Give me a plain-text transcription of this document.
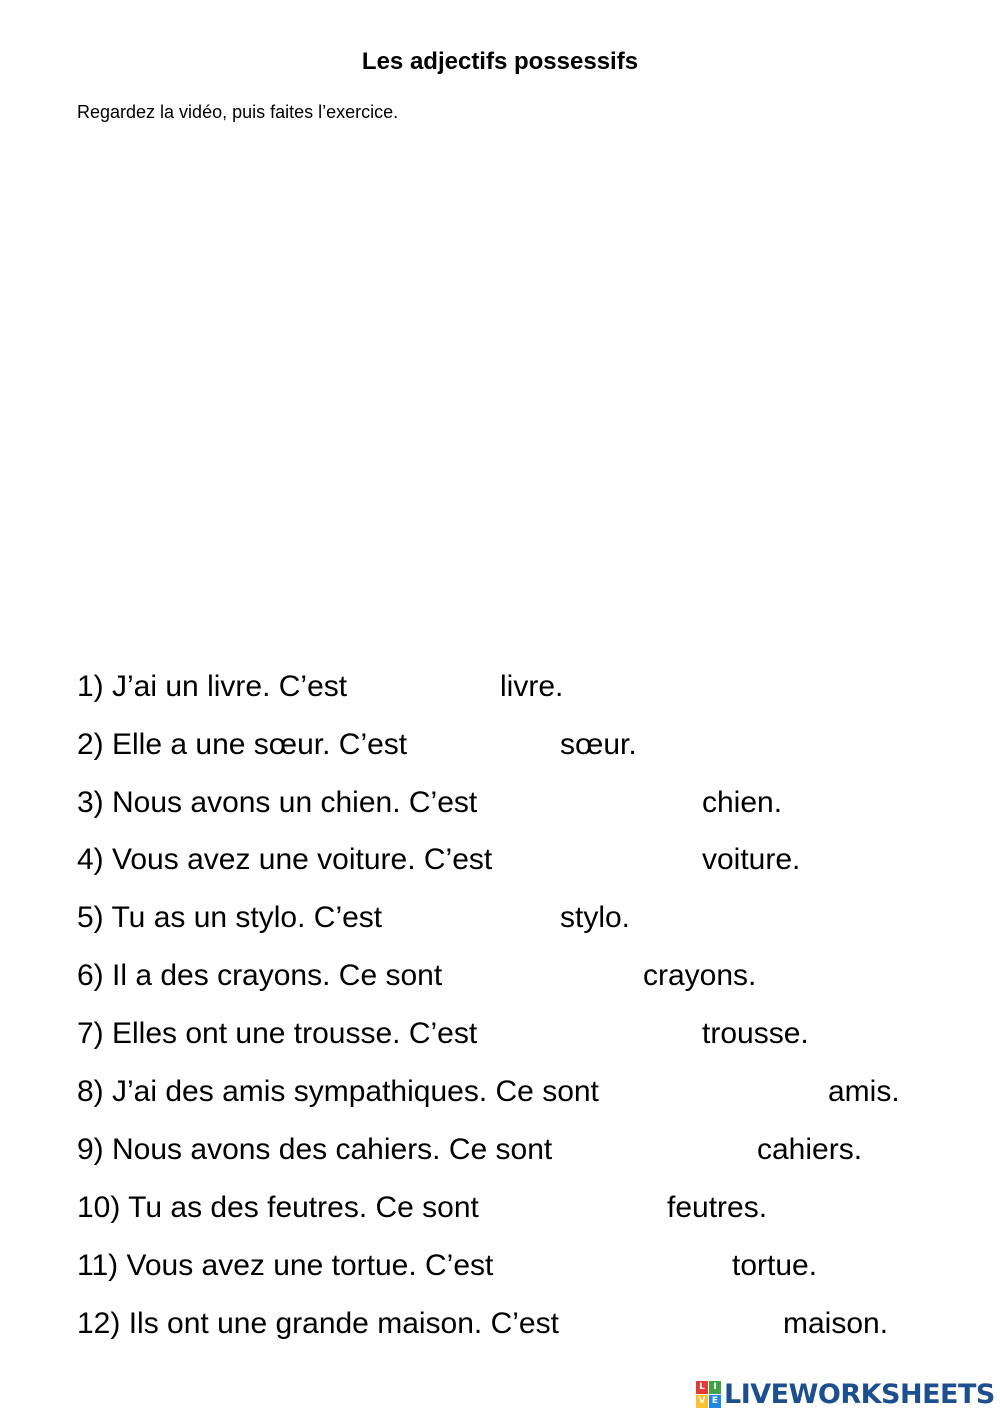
Les adjectifs possessifs

Regardez la vidéo, puis faites l’exercice.

1) J’ai un livre. C’est	livre.
2) Elle a une sœur. C’est	sœur.
3) Nous avons un chien. C’est	chien.
4) Vous avez une voiture. C’est	voiture.
5) Tu as un stylo. C’est	stylo.
6) Il a des crayons. Ce sont	crayons.
7) Elles ont une trousse. C’est	trousse.
8) J’ai des amis sympathiques. Ce sont	amis.
9) Nous avons des cahiers. Ce sont	cahiers.
10) Tu as des feutres. Ce sont	feutres.
11) Vous avez une tortue. C’est	tortue.
12) Ils ont une grande maison. C’est	maison.
L I
V E LIVEWORKSHEETS
